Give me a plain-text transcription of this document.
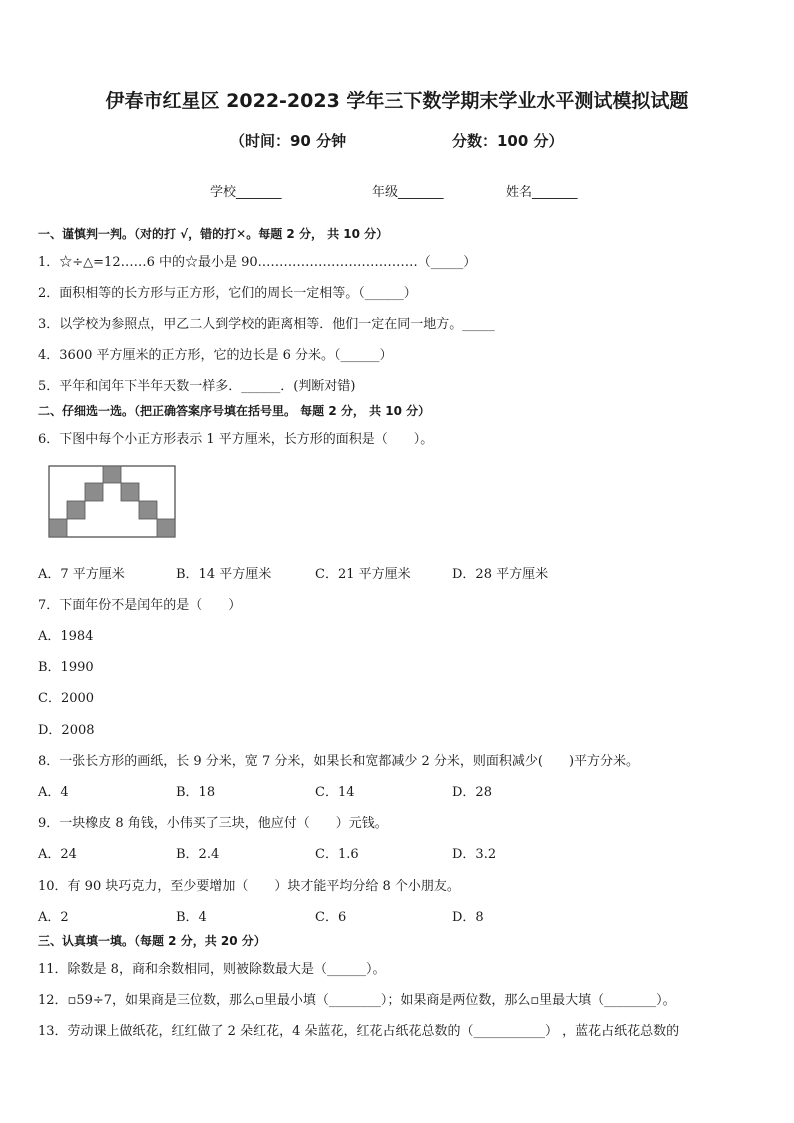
伊春市红星区 2022-2023 学年三下数学期末学业水平测试模拟试题
（时间：90 分钟	分数：100 分）
学校_______	年级_______	姓名_______
一、谨慎判一判。（对的打 √，错的打✕。每题 2 分， 共 10 分）
1．☆÷△=12……6 中的☆最小是 90.………………………………（_____）
2．面积相等的长方形与正方形，它们的周长一定相等。（______）
3．以学校为参照点，甲乙二人到学校的距离相等．他们一定在同一地方。_____
4．3600 平方厘米的正方形，它的边长是 6 分米。（______）
5．平年和闰年下半年天数一样多．______．(判断对错)
二、仔细选一选。（把正确答案序号填在括号里。 每题 2 分， 共 10 分）
6．下图中每个小正方形表示 1 平方厘米，长方形的面积是（　　）。
A．7 平方厘米	B．14 平方厘米	C．21 平方厘米	D．28 平方厘米
7．下面年份不是闰年的是（　　）
A．1984
B．1990
C．2000
D．2008
8．一张长方形的画纸，长 9 分米，宽 7 分米，如果长和宽都减少 2 分米，则面积减少(　　)平方分米。
A．4	B．18	C．14	D．28
9．一块橡皮 8 角钱，小伟买了三块，他应付（　　）元钱。
A．24	B．2.4	C．1.6	D．3.2
10．有 90 块巧克力，至少要增加（　　）块才能平均分给 8 个小朋友。
A．2	B．4	C．6	D．8
三、认真填一填。（每题 2 分，共 20 分）
11．除数是 8，商和余数相同，则被除数最大是（______）。
12．▫59÷7，如果商是三位数，那么▫里最小填（________）；如果商是两位数，那么▫里最大填（________）。
13．劳动课上做纸花，红红做了 2 朵红花，4 朵蓝花，红花占纸花总数的（___________） ，蓝花占纸花总数的
